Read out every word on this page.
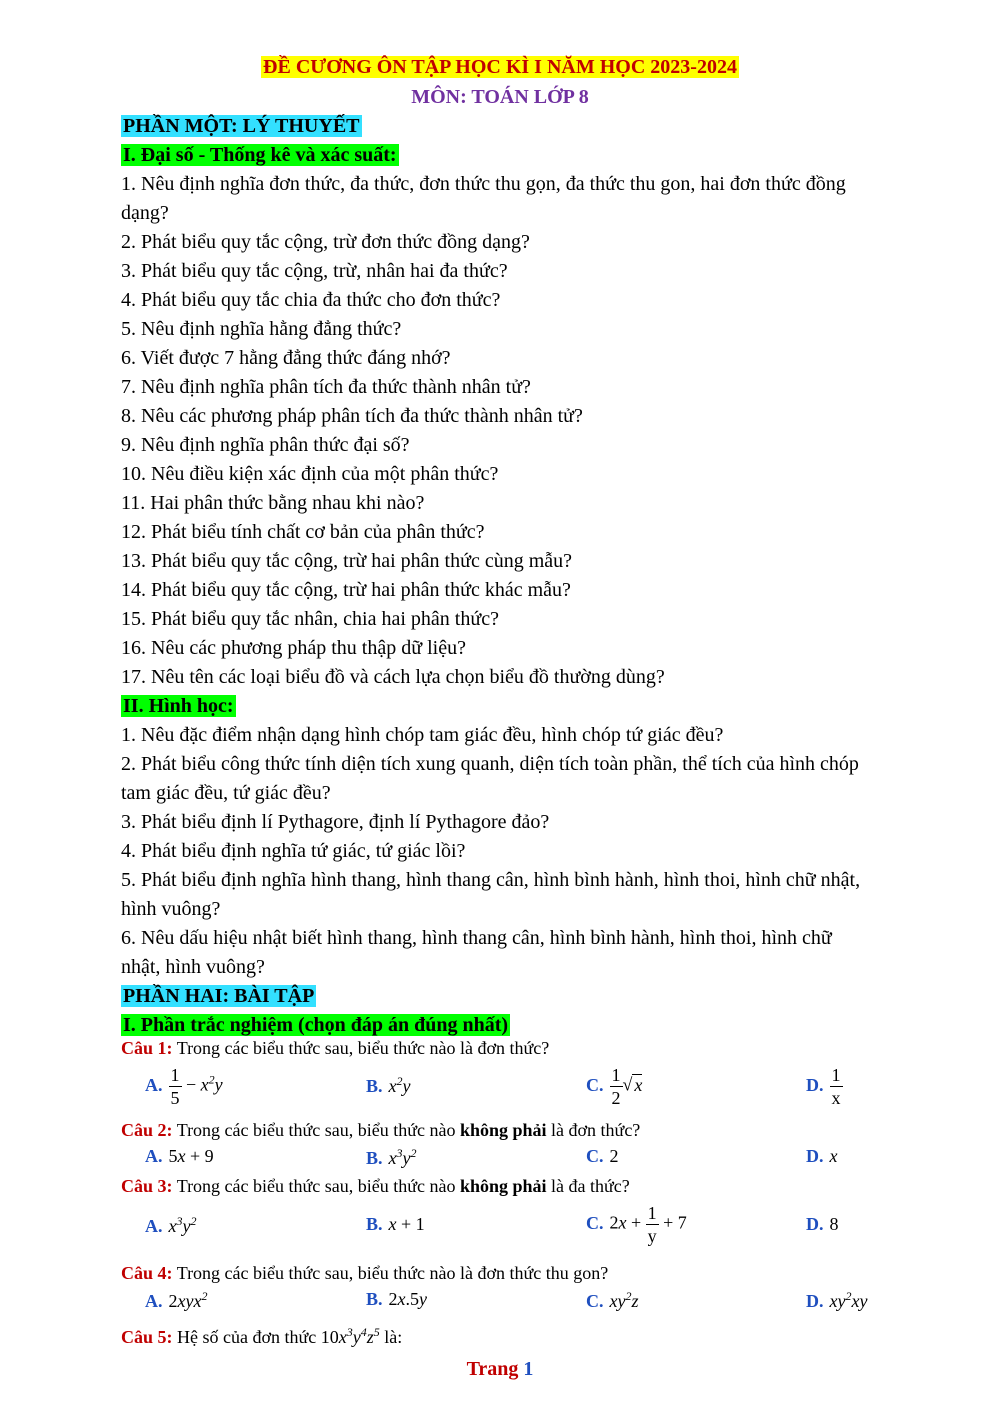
ĐỀ CƯƠNG ÔN TẬP HỌC KÌ I NĂM HỌC 2023-2024
MÔN: TOÁN LỚP 8
PHẦN MỘT: LÝ THUYẾT
I. Đại số - Thống kê và xác suất:
1. Nêu định nghĩa đơn thức, đa thức, đơn thức thu gọn, đa thức thu gon, hai đơn thức đồng
dạng?
2. Phát biểu quy tắc cộng, trừ đơn thức đồng dạng?
3. Phát biểu quy tắc cộng, trừ, nhân hai đa thức?
4. Phát biểu quy tắc chia đa thức cho đơn thức?
5. Nêu định nghĩa hằng đẳng thức?
6. Viết được 7 hằng đẳng thức đáng nhớ?
7. Nêu định nghĩa phân tích đa thức thành nhân tử?
8. Nêu các phương pháp phân tích đa thức thành nhân tử?
9. Nêu định nghĩa phân thức đại số?
10. Nêu điều kiện xác định của một phân thức?
11. Hai phân thức bằng nhau khi nào?
12. Phát biểu tính chất cơ bản của phân thức?
13. Phát biểu quy tắc cộng, trừ hai phân thức cùng mẫu?
14. Phát biểu quy tắc cộng, trừ hai phân thức khác mẫu?
15. Phát biểu quy tắc nhân, chia hai phân thức?
16. Nêu các phương pháp thu thập dữ liệu?
17. Nêu tên các loại biểu đồ và cách lựa chọn biểu đồ thường dùng?
II. Hình học:
1. Nêu đặc điểm nhận dạng hình chóp tam giác đều, hình chóp tứ giác đều?
2. Phát biểu công thức tính diện tích xung quanh, diện tích toàn phần, thể tích của hình chóp
tam giác đều, tứ giác đều?
3. Phát biểu định lí Pythagore, định lí Pythagore đảo?
4. Phát biểu định nghĩa tứ giác, tứ giác lồi?
5. Phát biểu định nghĩa hình thang, hình thang cân, hình bình hành, hình thoi, hình chữ nhật,
hình vuông?
6. Nêu dấu hiệu nhật biết hình thang, hình thang cân, hình bình hành, hình thoi, hình chữ
nhật, hình vuông?
PHẦN HAI: BÀI TẬP
I. Phần trắc nghiệm (chọn đáp án đúng nhất)
Câu 1: Trong các biểu thức sau, biểu thức nào là đơn thức?
A. $\frac{1}{5} - x^2y$	B. $x^2y$	C. $\frac{1}{2}$ √ x	D. $\frac{1}{x}$
Câu 2: Trong các biểu thức sau, biểu thức nào không phải là đơn thức?
A. 5x + 9	B. $x^3y^2$	C. 2	D. x
Câu 3: Trong các biểu thức sau, biểu thức nào không phải là đa thức?
A. $x^3y^2$	B. x + 1	C. $2x + \frac{1}{y} + 7$	D. 8
Câu 4: Trong các biểu thức sau, biểu thức nào là đơn thức thu gon?
A. 2xyx$^2$	B. 2x.5y	C. $xy^2z$	D. $xy^2xy$
Câu 5: Hệ số của đơn thức $10x^3y^4z^5$ là:
Trang 1
